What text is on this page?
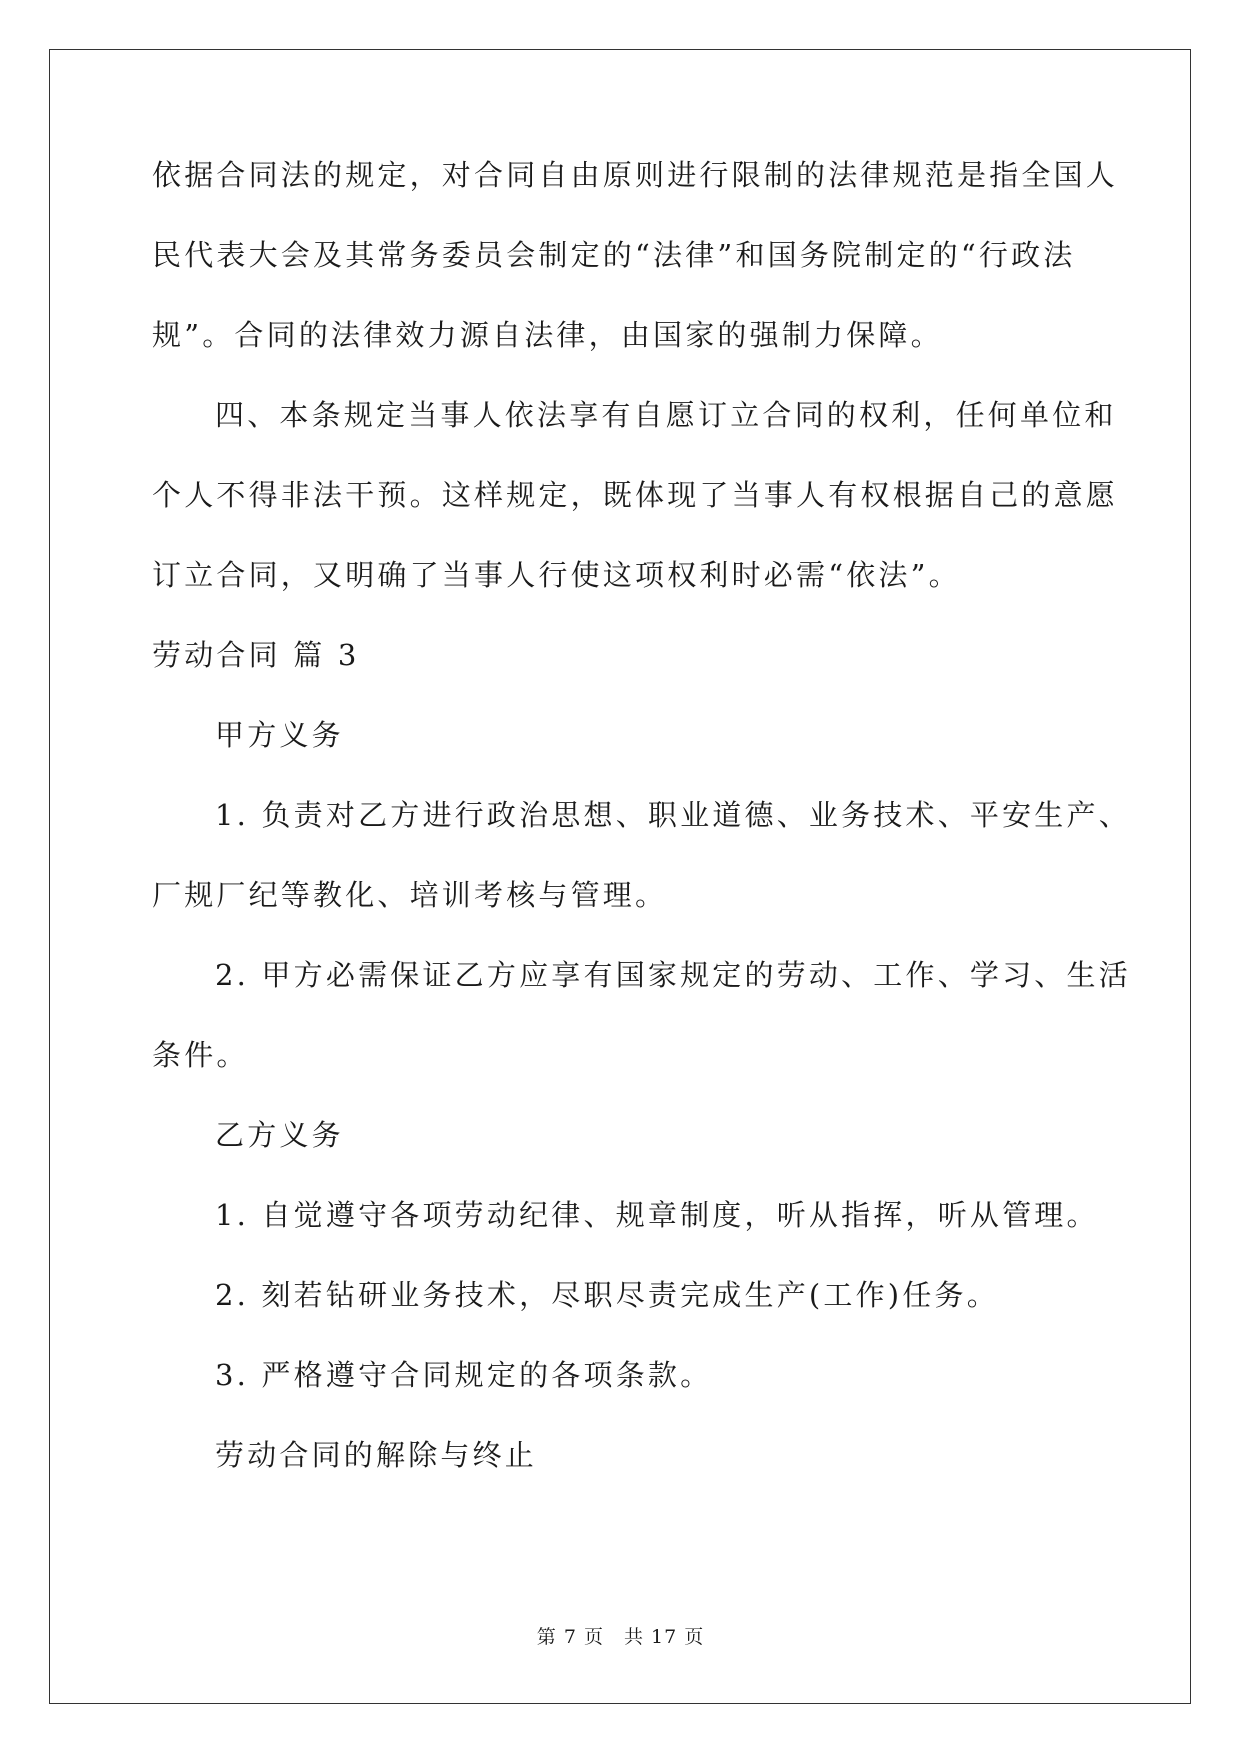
依据合同法的规定，对合同自由原则进行限制的法律规范是指全国人
民代表大会及其常务委员会制定的“法律”和国务院制定的“行政法
规”。合同的法律效力源自法律，由国家的强制力保障。
四、本条规定当事人依法享有自愿订立合同的权利，任何单位和
个人不得非法干预。这样规定，既体现了当事人有权根据自己的意愿
订立合同，又明确了当事人行使这项权利时必需“依法”。
劳动合同 篇 3
甲方义务
1. 负责对乙方进行政治思想、职业道德、业务技术、平安生产、
厂规厂纪等教化、培训考核与管理。
2. 甲方必需保证乙方应享有国家规定的劳动、工作、学习、生活
条件。
乙方义务
1. 自觉遵守各项劳动纪律、规章制度，听从指挥，听从管理。
2. 刻若钻研业务技术，尽职尽责完成生产(工作)任务。
3. 严格遵守合同规定的各项条款。
劳动合同的解除与终止
第 7 页 共 17 页
